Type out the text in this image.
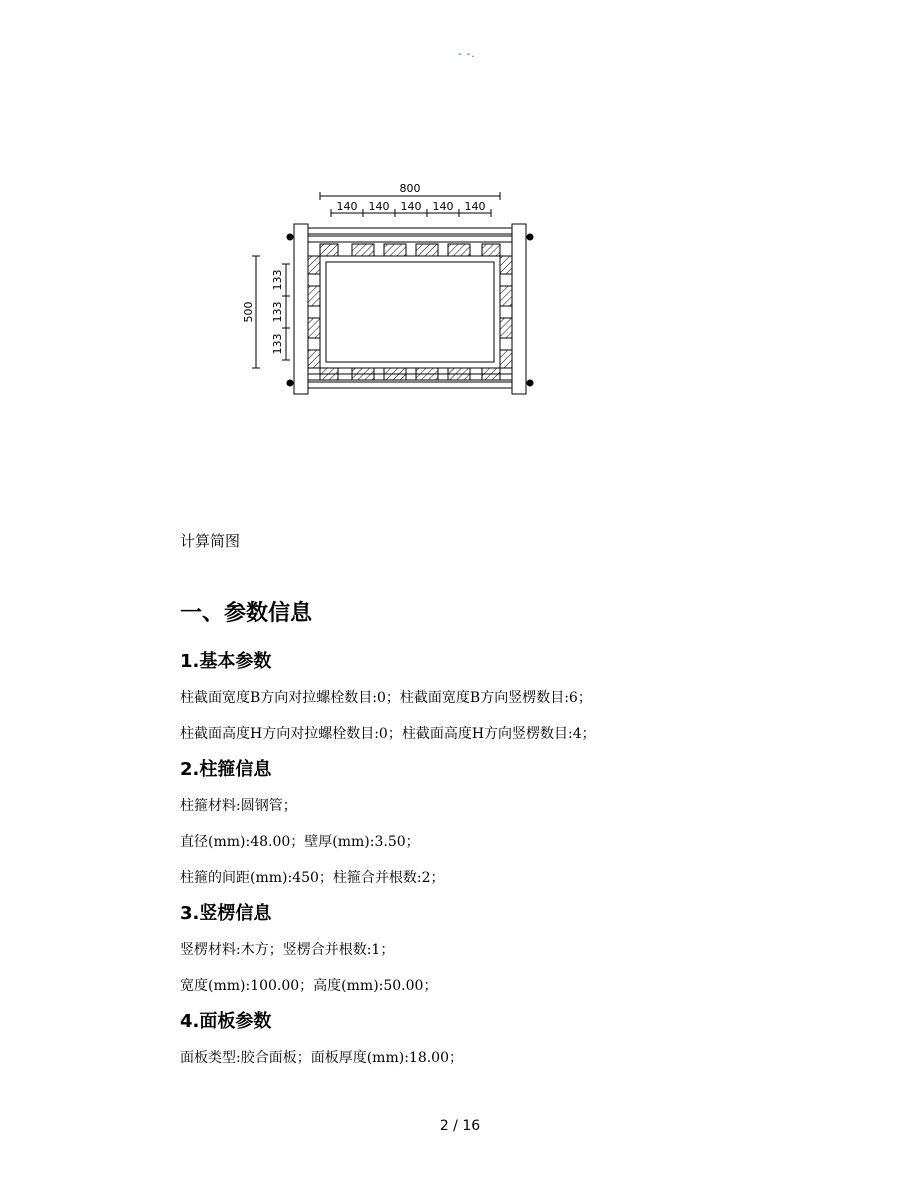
- -.
800
140 140 140 140 140
500
133
133
133
计算简图
一、参数信息
1.基本参数
柱截面宽度B方向对拉螺栓数目:0；柱截面宽度B方向竖楞数目:6；
柱截面高度H方向对拉螺栓数目:0；柱截面高度H方向竖楞数目:4；
2.柱箍信息
柱箍材料:圆钢管；
直径(mm):48.00；壁厚(mm):3.50；
柱箍的间距(mm):450；柱箍合并根数:2；
3.竖楞信息
竖楞材料:木方；竖楞合并根数:1；
宽度(mm):100.00；高度(mm):50.00；
4.面板参数
面板类型:胶合面板；面板厚度(mm):18.00；
2 / 16
